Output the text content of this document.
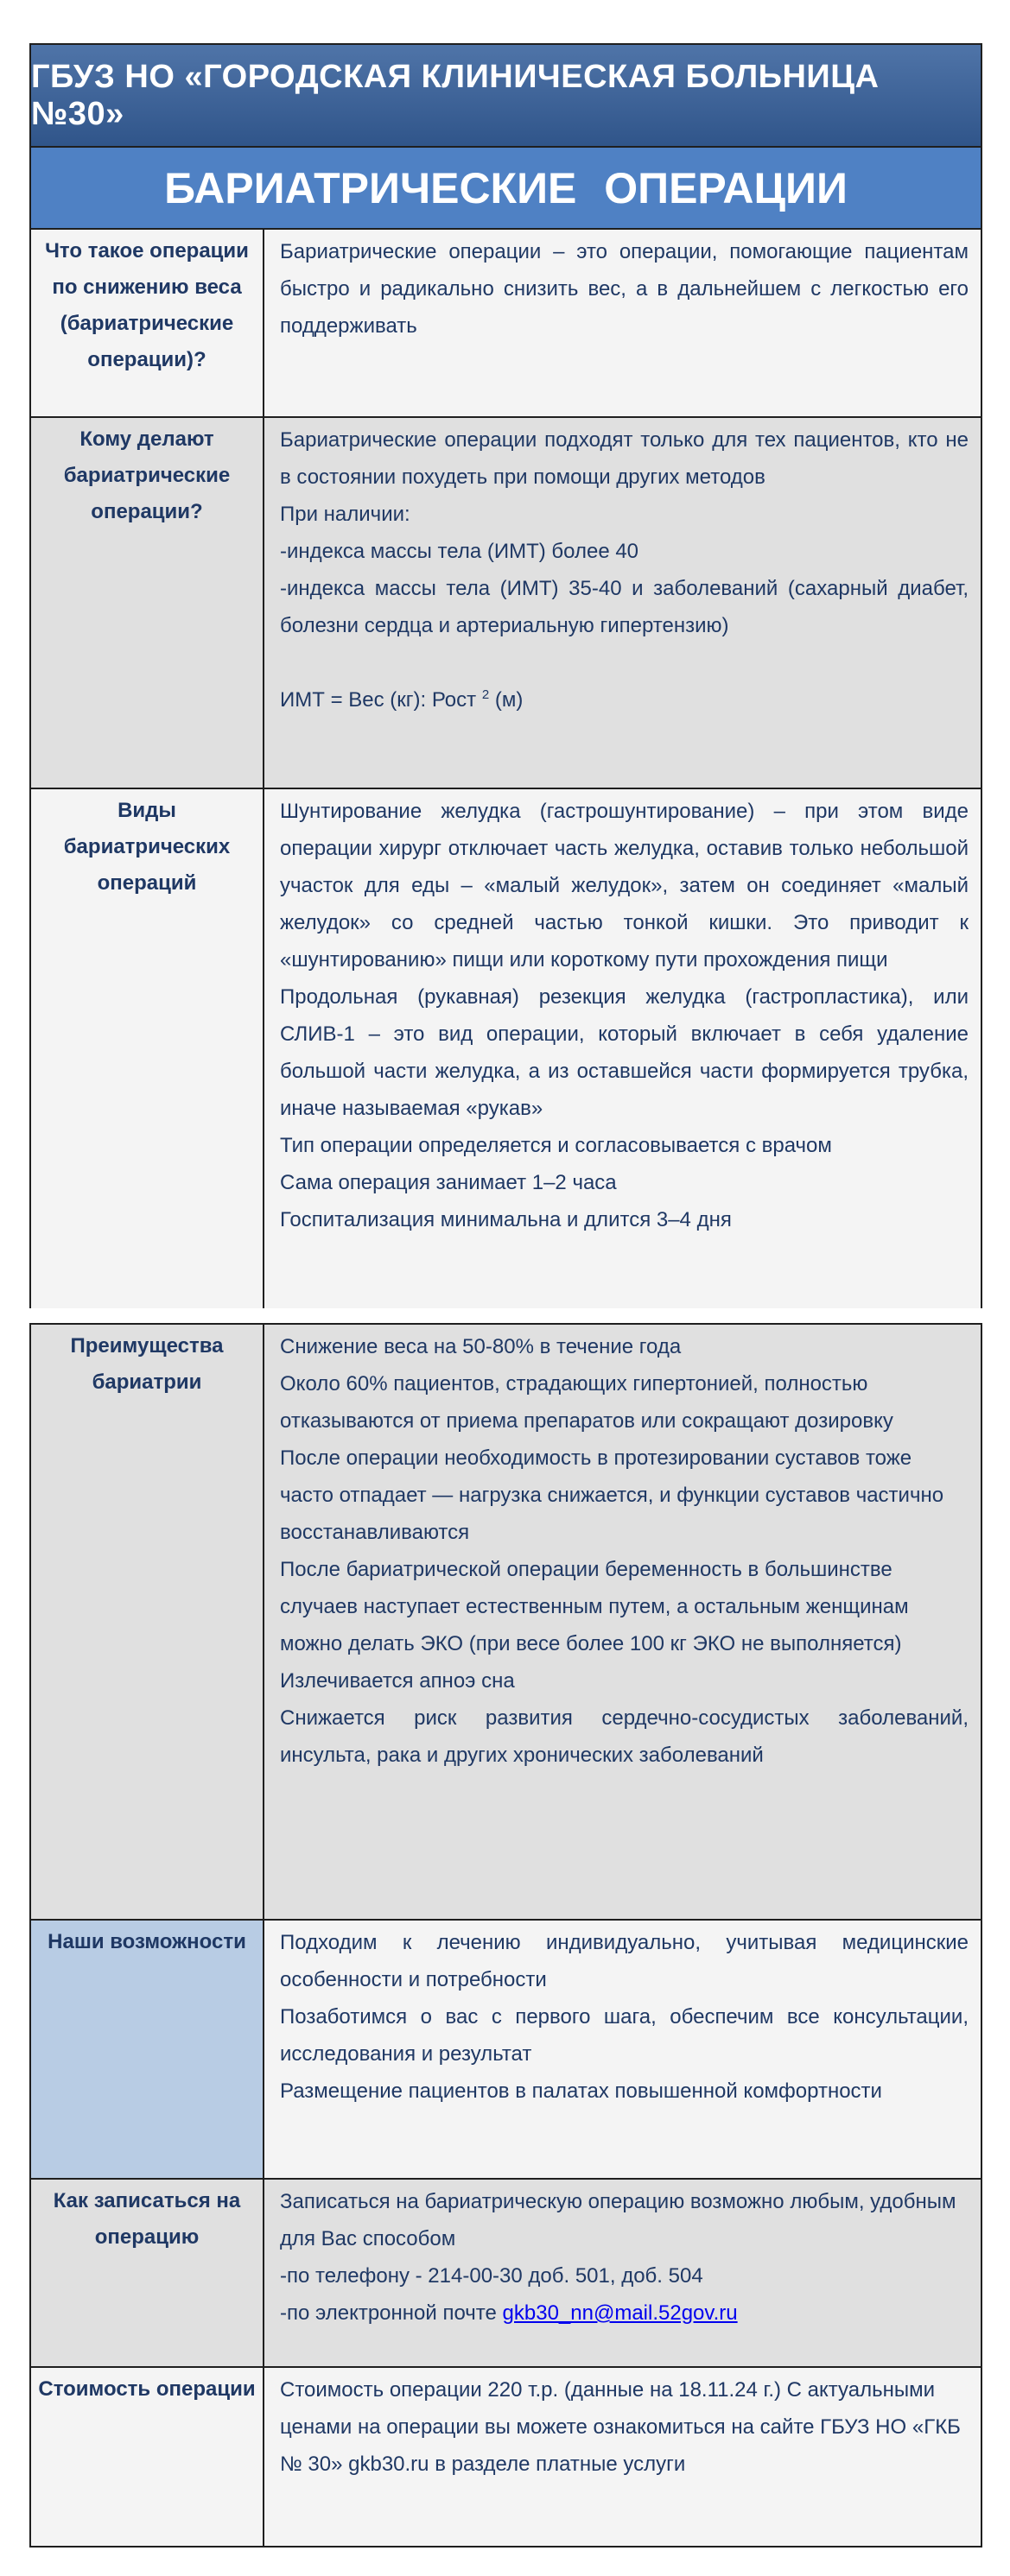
ГБУЗ НО «ГОРОДСКАЯ КЛИНИЧЕСКАЯ БОЛЬНИЦА №30»
БАРИАТРИЧЕСКИЕ ОПЕРАЦИИ
Что такое операции по снижению веса (бариатрические операции)?

Бариатрические операции – это операции, помогающие пациентам быстро и радикально снизить вес, а в дальнейшем с легкостью его поддерживать

Кому делают бариатрические операции?

Бариатрические операции подходят только для тех пациентов, кто не в состоянии похудеть при помощи других методов

При наличии:

-индекса массы тела (ИМТ) более 40

-индекса массы тела (ИМТ) 35-40 и заболеваний (сахарный диабет, болезни сердца и артериальную гипертензию)

ИМТ = Вес (кг): Рост $^2$ (м)

Виды бариатрических операций

Шунтирование желудка (гастрошунтирование) – при этом виде операции хирург отключает часть желудка, оставив только небольшой участок для еды – «малый желудок», затем он соединяет «малый желудок» со средней частью тонкой кишки. Это приводит к «шунтированию» пищи или короткому пути прохождения пищи

Продольная (рукавная) резекция желудка (гастропластика), или СЛИВ-1 – это вид операции, который включает в себя удаление большой части желудка, а из оставшейся части формируется трубка, иначе называемая «рукав»

Тип операции определяется и согласовывается с врачом

Сама операция занимает 1–2 часа

Госпитализация минимальна и длится 3–4 дня

Преимущества бариатрии

Снижение веса на 50-80% в течение года

Около 60% пациентов, страдающих гипертонией, полностью отказываются от приема препаратов или сокращают дозировку

После операции необходимость в протезировании суставов тоже часто отпадает — нагрузка снижается, и функции суставов частично восстанавливаются

После бариатрической операции беременность в большинстве случаев наступает естественным путем, а остальным женщинам можно делать ЭКО (при весе более 100 кг ЭКО не выполняется)

Излечивается апноэ сна

Снижается риск развития сердечно-сосудистых заболеваний, инсульта, рака и других хронических заболеваний

Наши возможности	Подходим к лечению индивидуально, учитывая медицинские особенности и потребности

Позаботимся о вас с первого шага, обеспечим все консультации, исследования и результат

Размещение пациентов в палатах повышенной комфортности

Как записаться на операцию

Записаться на бариатрическую операцию возможно любым, удобным для Вас способом

-по телефону - 214-00-30 доб. 501, доб. 504

-по электронной почте gkb30_nn@mail.52gov.ru

Стоимость операции	Стоимость операции 220 т.р. (данные на 18.11.24 г.) С актуальными ценами на операции вы можете ознакомиться на сайте ГБУЗ НО «ГКБ № 30» gkb30.ru в разделе платные услуги
